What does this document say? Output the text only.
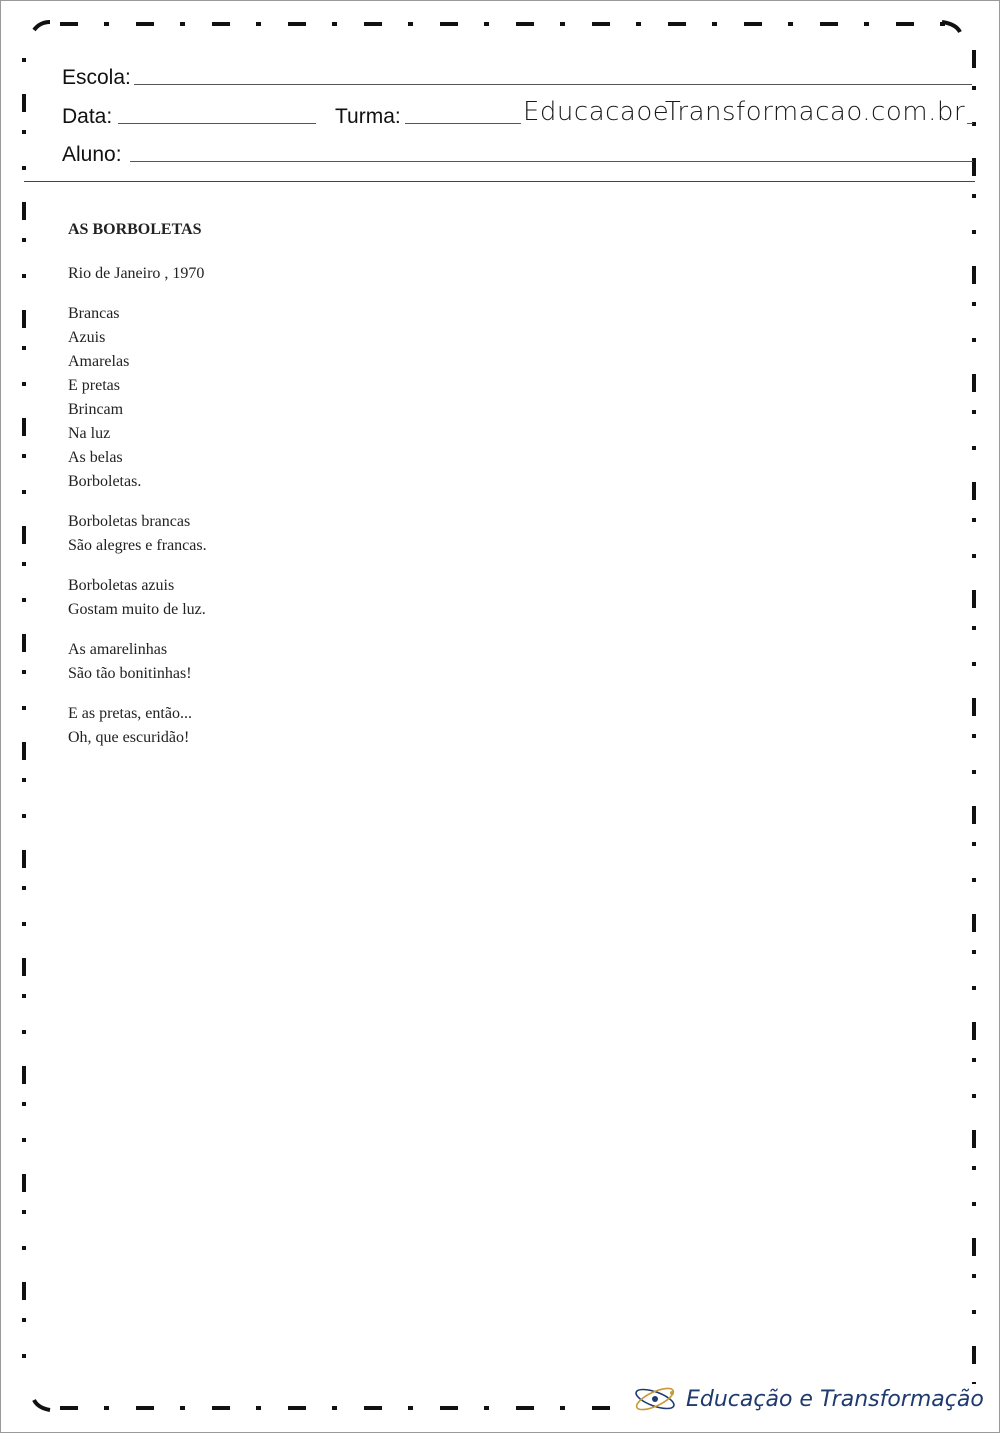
Escola:
Data:	Turma:	EducacaoeTransformacao.com.br
Aluno:
AS BORBOLETAS
Rio de Janeiro , 1970
Brancas
Azuis
Amarelas
E pretas
Brincam
Na luz
As belas
Borboletas.
Borboletas brancas
São alegres e francas.
Borboletas azuis
Gostam muito de luz.
As amarelinhas
São tão bonitinhas!
E as pretas, então...
Oh, que escuridão!
Educação e Transformação
